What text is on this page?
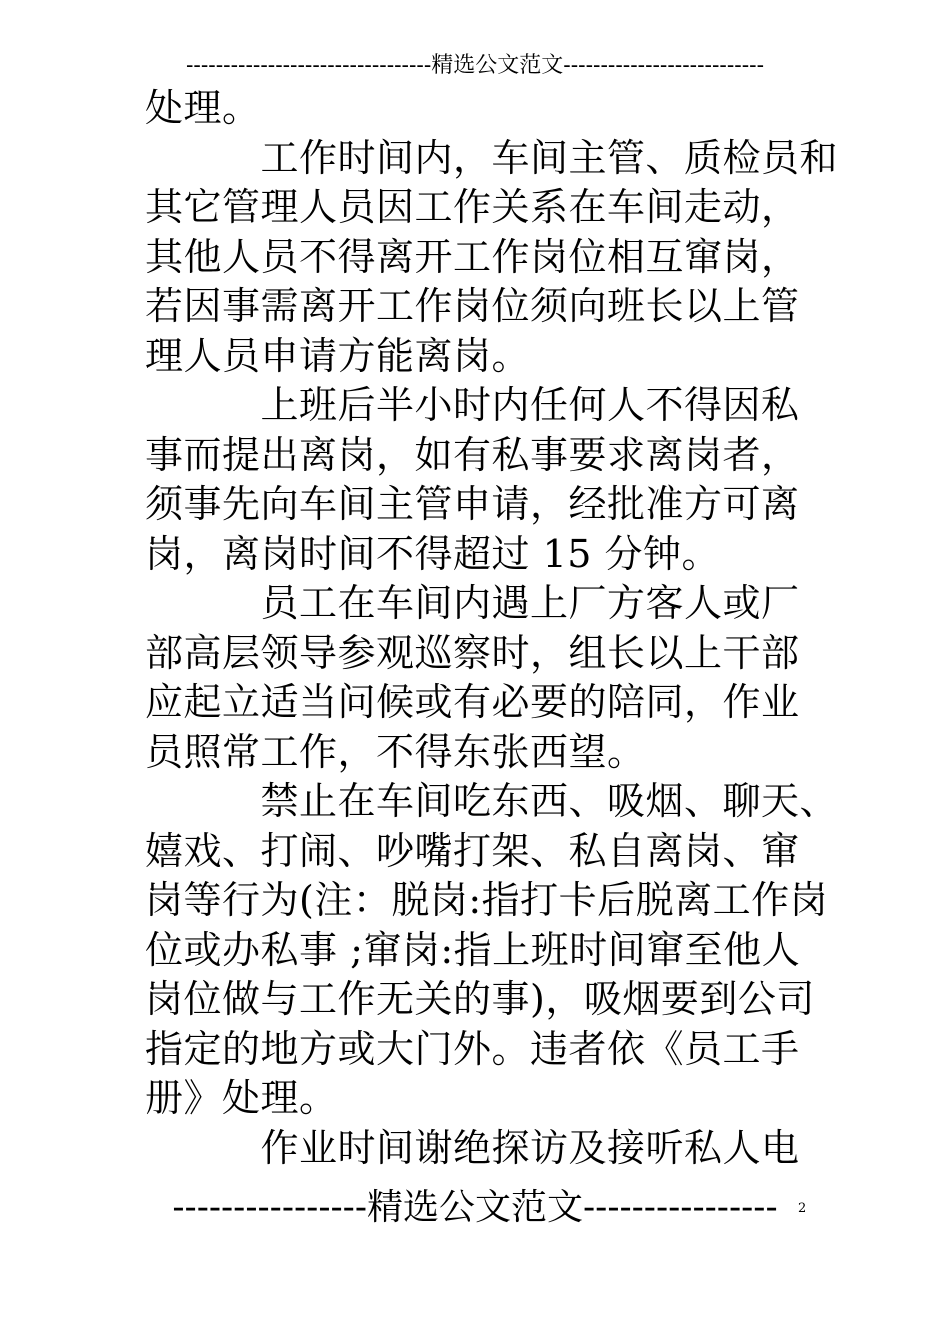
---------------------------------精选公文范文---------------------------
处理。
　　　工作时间内，车间主管、质检员和
其它管理人员因工作关系在车间走动，
其他人员不得离开工作岗位相互窜岗，
若因事需离开工作岗位须向班长以上管
理人员申请方能离岗。
　　　上班后半小时内任何人不得因私
事而提出离岗，如有私事要求离岗者，
须事先向车间主管申请，经批准方可离
岗，离岗时间不得超过 15 分钟。
　　　员工在车间内遇上厂方客人或厂
部高层领导参观巡察时，组长以上干部
应起立适当问候或有必要的陪同，作业
员照常工作，不得东张西望。
　　　禁止在车间吃东西、吸烟、聊天、
嬉戏、打闹、吵嘴打架、私自离岗、窜
岗等行为(注：脱岗:指打卡后脱离工作岗
位或办私事 ;窜岗:指上班时间窜至他人
岗位做与工作无关的事)，吸烟要到公司
指定的地方或大门外。违者依《员工手
册》处理。
　　　作业时间谢绝探访及接听私人电
----------------精选公文范文----------------	2
